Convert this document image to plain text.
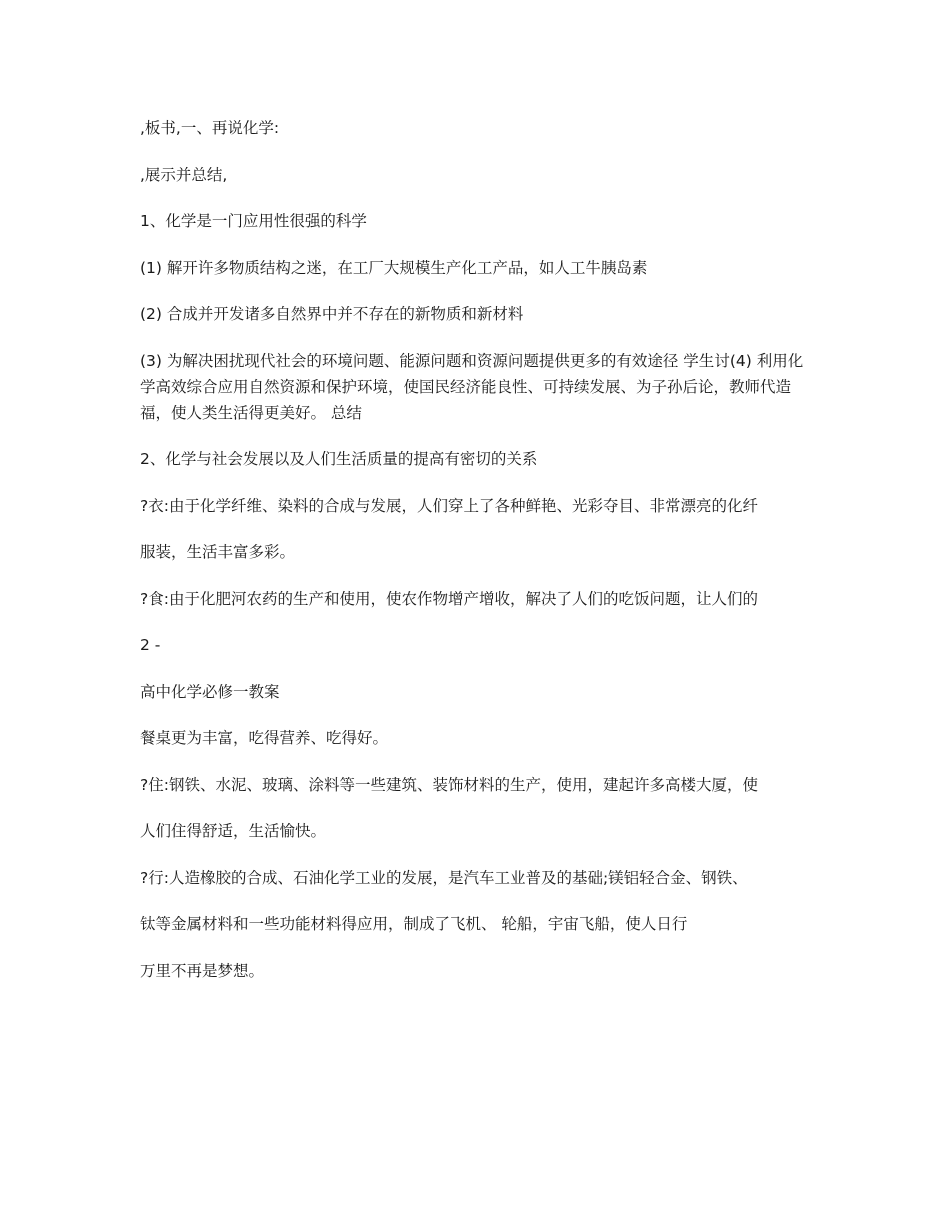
,板书,一、再说化学:

,展示并总结,

1、化学是一门应用性很强的科学

(1) 解开许多物质结构之迷，在工厂大规模生产化工产品，如人工牛胰岛素

(2) 合成并开发诸多自然界中并不存在的新物质和新材料

(3) 为解决困扰现代社会的环境问题、能源问题和资源问题提供更多的有效途径 学生讨(4) 利用化学高效综合应用自然资源和保护环境，使国民经济能良性、可持续发展、为子孙后论，教师代造福，使人类生活得更美好。 总结

2、化学与社会发展以及人们生活质量的提高有密切的关系

?衣:由于化学纤维、染料的合成与发展，人们穿上了各种鲜艳、光彩夺目、非常漂亮的化纤

服装，生活丰富多彩。

?食:由于化肥河农药的生产和使用，使农作物增产增收，解决了人们的吃饭问题，让人们的

2 -

高中化学必修一教案

餐桌更为丰富，吃得营养、吃得好。

?住:钢铁、水泥、玻璃、涂料等一些建筑、装饰材料的生产，使用，建起许多高楼大厦，使

人们住得舒适，生活愉快。

?行:人造橡胶的合成、石油化学工业的发展，是汽车工业普及的基础;镁铝轻合金、钢铁、

钛等金属材料和一些功能材料得应用，制成了飞机、 轮船，宇宙飞船，使人日行

万里不再是梦想。
